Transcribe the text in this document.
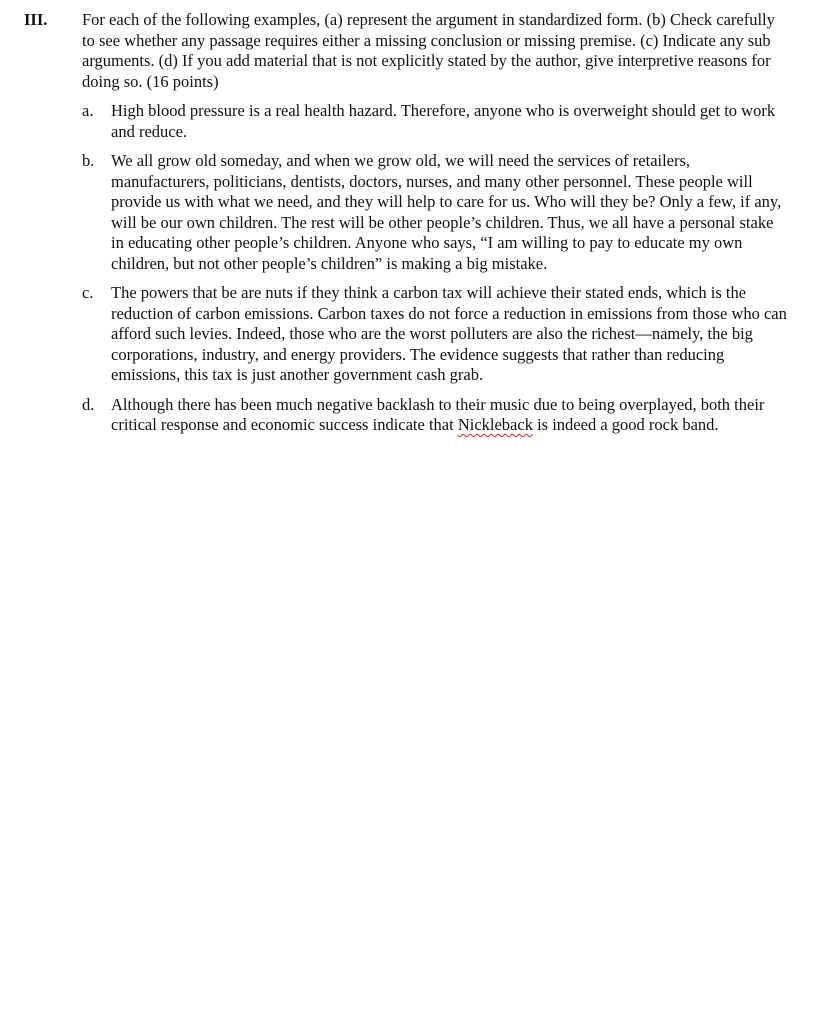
III. For each of the following examples, (a) represent the argument in standardized form. (b) Check carefully to see whether any passage requires either a missing conclusion or missing premise. (c) Indicate any sub arguments. (d) If you add material that is not explicitly stated by the author, give interpretive reasons for doing so. (16 points)
a. High blood pressure is a real health hazard. Therefore, anyone who is overweight should get to work and reduce.
b. We all grow old someday, and when we grow old, we will need the services of retailers, manufacturers, politicians, dentists, doctors, nurses, and many other personnel. These people will provide us with what we need, and they will help to care for us. Who will they be? Only a few, if any, will be our own children. The rest will be other people’s children. Thus, we all have a personal stake in educating other people’s children. Anyone who says, “I am willing to pay to educate my own children, but not other people’s children” is making a big mistake.
c. The powers that be are nuts if they think a carbon tax will achieve their stated ends, which is the reduction of carbon emissions. Carbon taxes do not force a reduction in emissions from those who can afford such levies. Indeed, those who are the worst polluters are also the richest—namely, the big corporations, industry, and energy providers. The evidence suggests that rather than reducing emissions, this tax is just another government cash grab.
d. Although there has been much negative backlash to their music due to being overplayed, both their critical response and economic success indicate that Nickleback is indeed a good rock band.
